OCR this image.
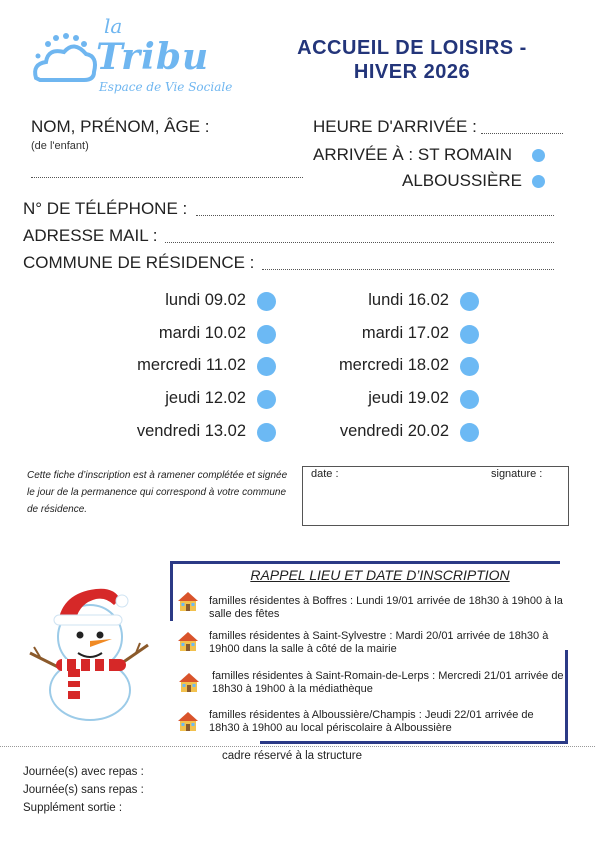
la
Tribu
Espace de Vie Sociale
ACCUEIL DE LOISIRS -
HIVER 2026
NOM, PRÉNOM, ÂGE :
(de l'enfant)
HEURE D'ARRIVÉE :
ARRIVÉE À : ST ROMAIN
ALBOUSSIÈRE
N° DE TÉLÉPHONE :
ADRESSE MAIL :
COMMUNE DE RÉSIDENCE :
lundi 09.02
mardi 10.02
mercredi 11.02
jeudi 12.02
vendredi 13.02
lundi 16.02
mardi 17.02
mercredi 18.02
jeudi 19.02
vendredi 20.02
Cette fiche d’inscription est à ramener complétée et signée le jour de la permanence qui correspond à votre commune de résidence.
date :	signature :
RAPPEL LIEU ET DATE D’INSCRIPTION
familles résidentes à Boffres : Lundi 19/01 arrivée de 18h30 à 19h00 à la salle des fêtes
familles résidentes à Saint-Sylvestre : Mardi 20/01 arrivée de 18h30 à 19h00 dans la salle à côté de la mairie
familles résidentes à Saint-Romain-de-Lerps : Mercredi 21/01 arrivée de 18h30 à 19h00 à la médiathèque
familles résidentes à Alboussière/Champis : Jeudi 22/01 arrivée de 18h30 à 19h00 au local périscolaire à Alboussière
cadre réservé à la structure
Journée(s) avec repas :
Journée(s) sans repas :
Supplément sortie :
